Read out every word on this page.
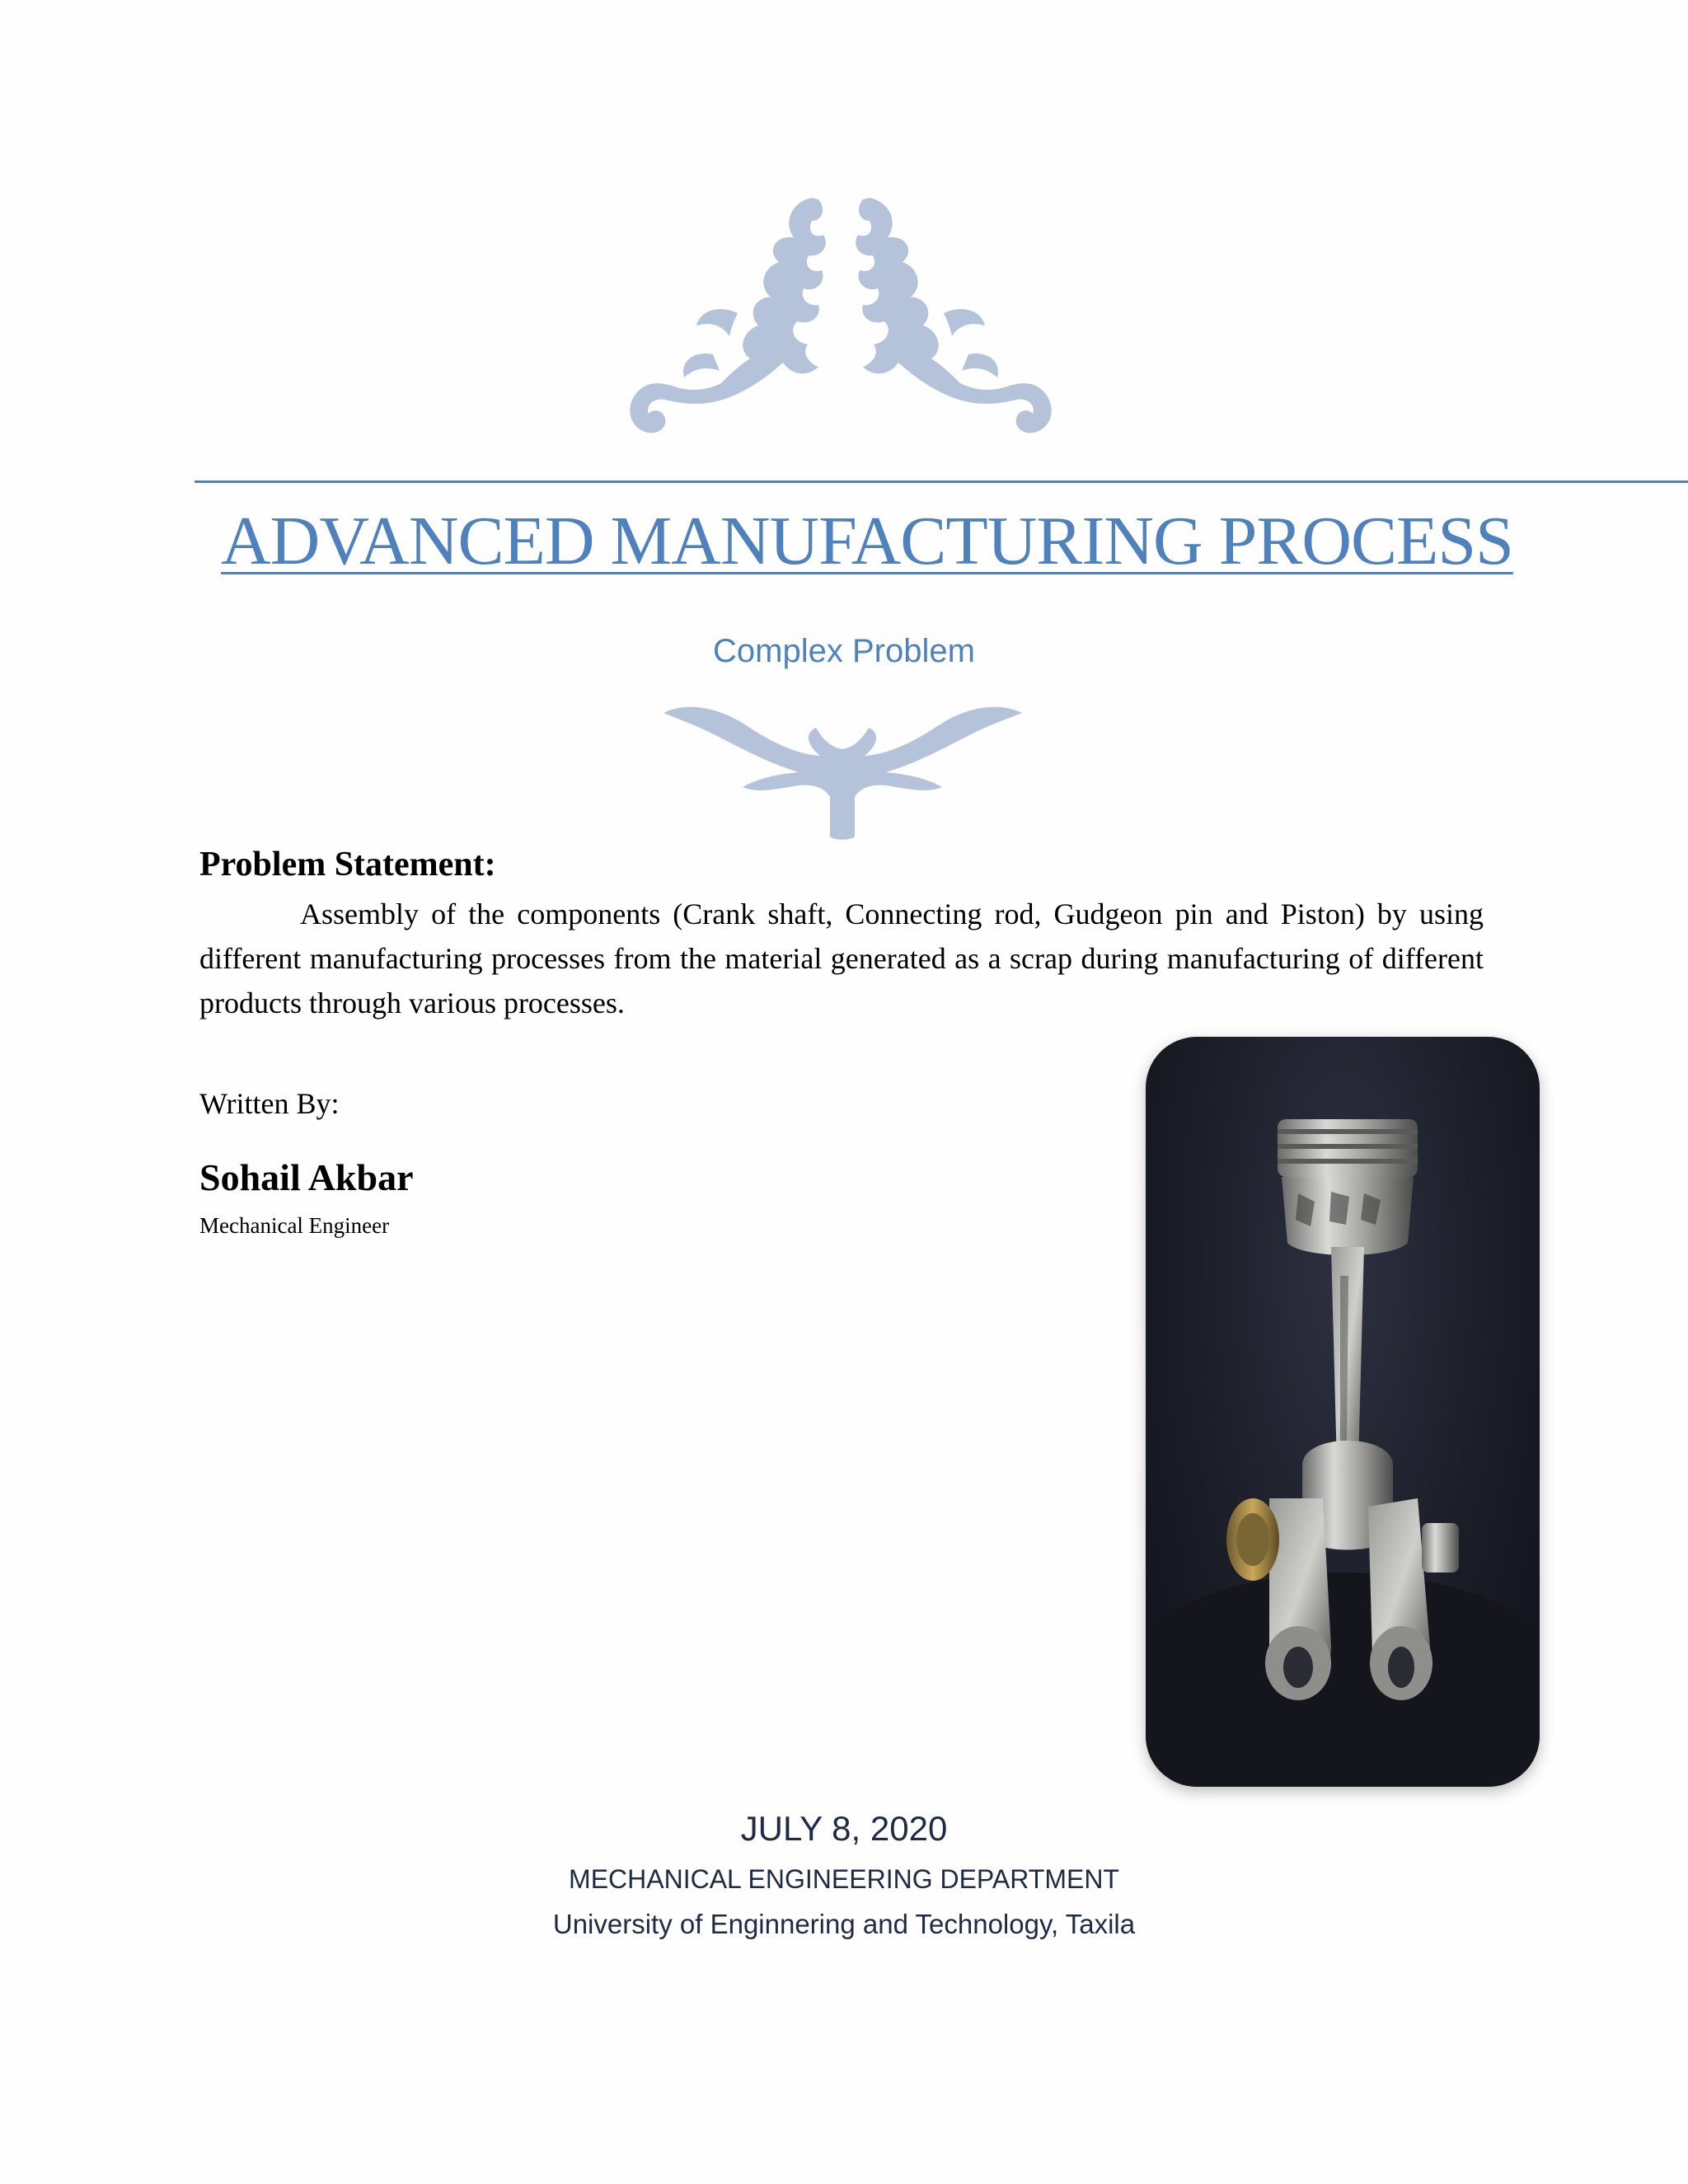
ADVANCED MANUFACTURING PROCESS
Complex Problem
Problem Statement:
Assembly of the components (Crank shaft, Connecting rod, Gudgeon pin and Piston) by using different manufacturing processes from the material generated as a scrap during manufacturing of different products through various processes.
Written By:
Sohail Akbar
Mechanical Engineer
JULY 8, 2020
MECHANICAL ENGINEERING DEPARTMENT
University of Enginnering and Technology, Taxila
